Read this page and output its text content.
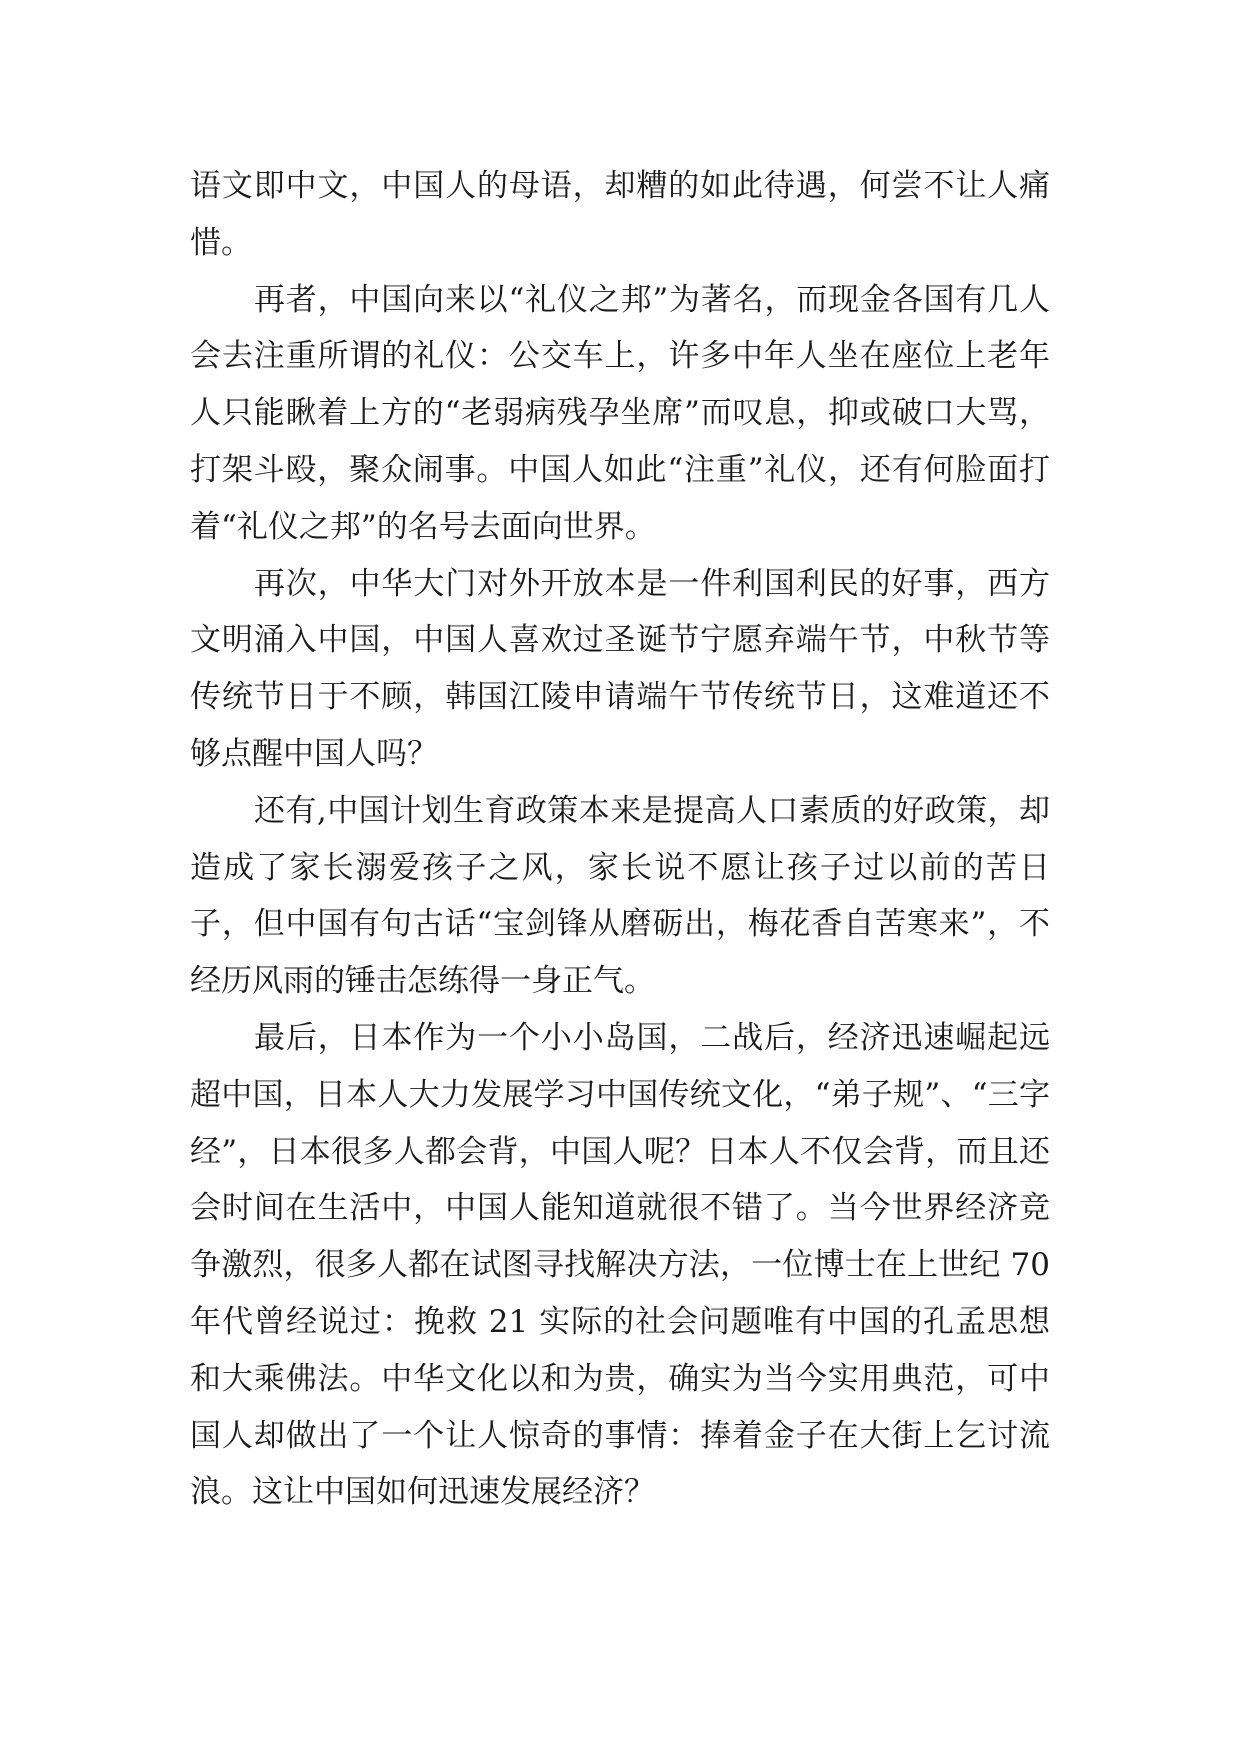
语文即中文，中国人的母语，却糟的如此待遇，何尝不让人痛惜。

再者，中国向来以“礼仪之邦”为著名，而现金各国有几人会去注重所谓的礼仪：公交车上，许多中年人坐在座位上老年人只能瞅着上方的“老弱病残孕坐席”而叹息，抑或破口大骂，打架斗殴，聚众闹事。中国人如此“注重”礼仪，还有何脸面打着“礼仪之邦”的名号去面向世界。

再次，中华大门对外开放本是一件利国利民的好事，西方文明涌入中国，中国人喜欢过圣诞节宁愿弃端午节，中秋节等传统节日于不顾，韩国江陵申请端午节传统节日，这难道还不够点醒中国人吗？

还有,中国计划生育政策本来是提高人口素质的好政策，却造成了家长溺爱孩子之风，家长说不愿让孩子过以前的苦日子，但中国有句古话“宝剑锋从磨砺出，梅花香自苦寒来”，不经历风雨的锤击怎练得一身正气。

最后，日本作为一个小小岛国，二战后，经济迅速崛起远超中国，日本人大力发展学习中国传统文化，“弟子规”、“三字经”，日本很多人都会背，中国人呢？日本人不仅会背，而且还会时间在生活中，中国人能知道就很不错了。当今世界经济竞争激烈，很多人都在试图寻找解决方法，一位博士在上世纪 70 年代曾经说过：挽救 21 实际的社会问题唯有中国的孔孟思想和大乘佛法。中华文化以和为贵，确实为当今实用典范，可中国人却做出了一个让人惊奇的事情：捧着金子在大街上乞讨流浪。这让中国如何迅速发展经济？
